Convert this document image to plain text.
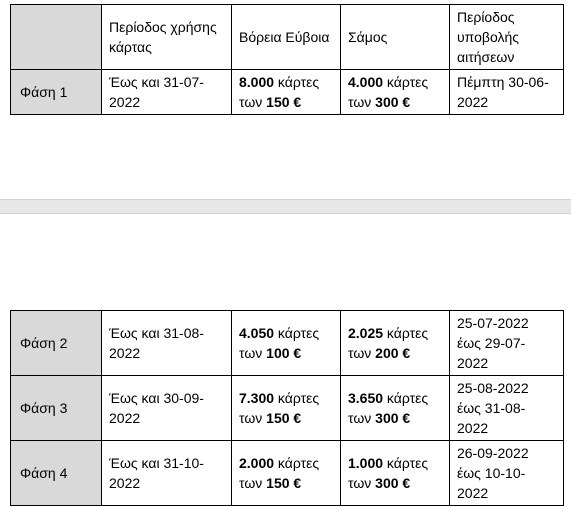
	Περίοδος χρήσης κάρτας	Βόρεια Εύβοια	Σάμος	Περίοδος υποβολής αιτήσεων
Φάση 1	Έως και 31-07-2022	8.000 κάρτες των 150 €	4.000 κάρτες των 300 €	Πέμπτη 30-06-2022
Φάση 2	Έως και 31-08-2022	4.050 κάρτες των 100 €	2.025 κάρτες των 200 €	25-07-2022 έως 29-07-2022
Φάση 3	Έως και 30-09-2022	7.300 κάρτες των 150 €	3.650 κάρτες των 300 €	25-08-2022 έως 31-08-2022
Φάση 4	Έως και 31-10-2022	2.000 κάρτες των 150 €	1.000 κάρτες των 300 €	26-09-2022 έως 10-10-2022
